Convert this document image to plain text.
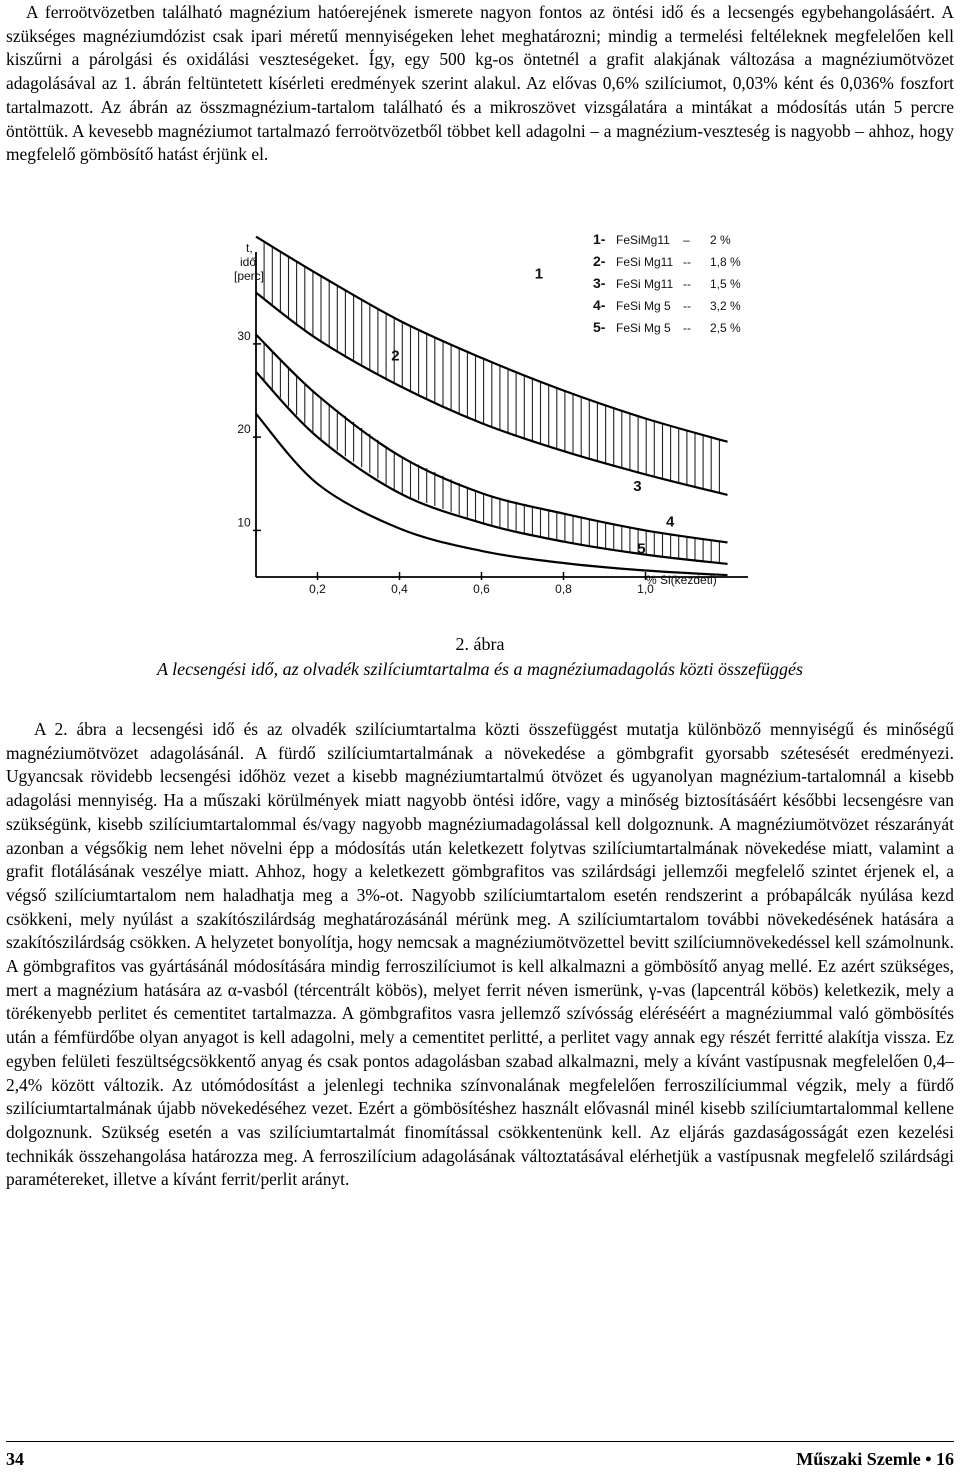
A ferroötvözetben található magnézium hatóerejének ismerete nagyon fontos az öntési idő és a lecsengés egybehangolásáért. A szükséges magnéziumdózist csak ipari méretű mennyiségeken lehet meghatározni; mindig a termelési feltéleknek megfelelően kell kiszűrni a párolgási és oxidálási veszteségeket. Így, egy 500 kg-os öntetnél a grafit alakjának változása a magnéziumötvözet adagolásával az 1. ábrán feltüntetett kísérleti eredmények szerint alakul. Az elővas 0,6% szilíciumot, 0,03% ként és 0,036% foszfort tartalmazott. Az ábrán az összmagnézium-tartalom található és a mikroszövet vizsgálatára a mintákat a módosítás után 5 percre öntöttük. A kevesebb magnéziumot tartalmazó ferroötvözetből többet kell adagolni – a magnézium-veszteség is nagyobb – ahhoz, hogy megfelelő gömbösítő hatást érjünk el.

10
20
30
0,2	0,4	0,6	0,8	1,0
t,
idő
[perc]
% Si(kezdeti)
1
2
3
4
5
1- FeSiMg11 – 2 %
2- FeSi Mg11 -- 1,8 %
3- FeSi Mg11 -- 1,5 %
4- FeSi Mg 5 -- 3,2 %
5- FeSi Mg 5 -- 2,5 %
2. ábra
A lecsengési idő, az olvadék szilíciumtartalma és a magnéziumadagolás közti összefüggés

A 2. ábra a lecsengési idő és az olvadék szilíciumtartalma közti összefüggést mutatja különböző mennyiségű és minőségű magnéziumötvözet adagolásánál. A fürdő szilíciumtartalmának a növekedése a gömbgrafit gyorsabb szétesését eredményezi. Ugyancsak rövidebb lecsengési időhöz vezet a kisebb magnéziumtartalmú ötvözet és ugyanolyan magnézium-tartalomnál a kisebb adagolási mennyiség. Ha a műszaki körülmények miatt nagyobb öntési időre, vagy a minőség biztosításáért későbbi lecsengésre van szükségünk, kisebb szilíciumtartalommal és/vagy nagyobb magnéziumadagolással kell dolgoznunk. A magnéziumötvözet részarányát azonban a végsőkig nem lehet növelni épp a módosítás után keletkezett folytvas szilíciumtartalmának növekedése miatt, valamint a grafit flotálásának veszélye miatt. Ahhoz, hogy a keletkezett gömbgrafitos vas szilárdsági jellemzői megfelelő szintet érjenek el, a végső szilíciumtartalom nem haladhatja meg a 3%-ot. Nagyobb szilíciumtartalom esetén rendszerint a próbapálcák nyúlása kezd csökkeni, mely nyúlást a szakítószilárdság meghatározásánál mérünk meg. A szilíciumtartalom további növekedésének hatására a szakítószilárdság csökken. A helyzetet bonyolítja, hogy nemcsak a magnéziumötvözettel bevitt szilíciumnövekedéssel kell számolnunk. A gömbgrafitos vas gyártásánál módosítására mindig ferroszilíciumot is kell alkalmazni a gömbösítő anyag mellé. Ez azért szükséges, mert a magnézium hatására az α-vasból (tércentrált köbös), melyet ferrit néven ismerünk, γ-vas (lapcentrál köbös) keletkezik, mely a törékenyebb perlitet és cementitet tartalmazza. A gömbgrafitos vasra jellemző szívósság eléréséért a magnéziummal való gömbösítés után a fémfürdőbe olyan anyagot is kell adagolni, mely a cementitet perlitté, a perlitet vagy annak egy részét ferritté alakítja vissza. Ez egyben felületi feszültségcsökkentő anyag és csak pontos adagolásban szabad alkalmazni, mely a kívánt vastípusnak megfelelően 0,4–2,4% között változik. Az utómódosítást a jelenlegi technika színvonalának megfelelően ferroszilíciummal végzik, mely a fürdő szilíciumtartalmának újabb növekedéséhez vezet. Ezért a gömbösítéshez használt elővasnál minél kisebb szilíciumtartalommal kellene dolgoznunk. Szükség esetén a vas szilíciumtartalmát finomítással csökkentenünk kell. Az eljárás gazdaságosságát ezen kezelési technikák összehangolása határozza meg. A ferroszilícium adagolásának változtatásával elérhetjük a vastípusnak megfelelő szilárdsági paramétereket, illetve a kívánt ferrit/perlit arányt.

34	Műszaki Szemle • 16
